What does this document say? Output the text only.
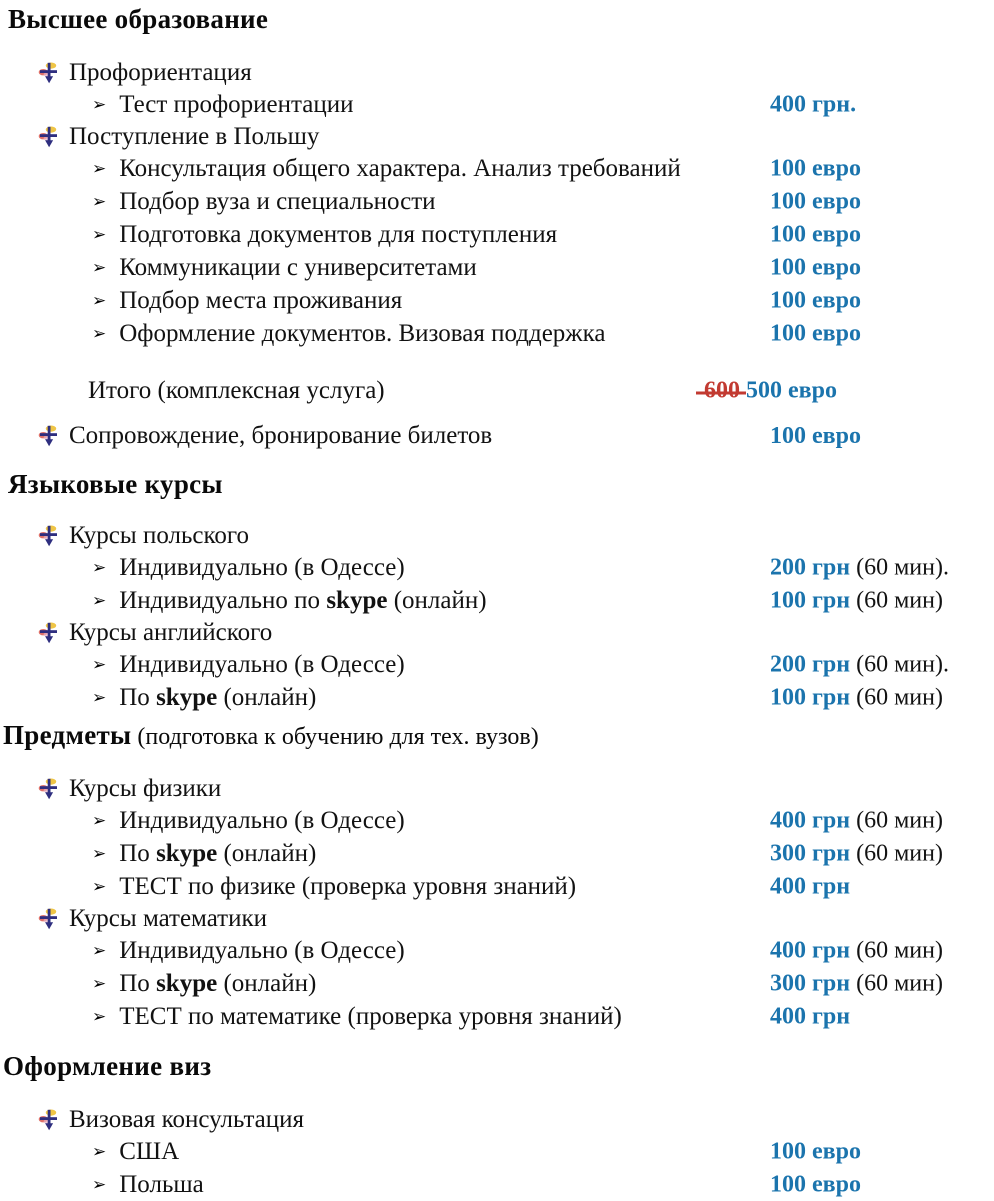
Высшее образование
Профориентация
➢ Тест профориентации	400 грн.
Поступление в Польшу
➢ Консультация общего характера. Анализ требований	100 евро
➢ Подбор вуза и специальности	100 евро
➢ Подготовка документов для поступления	100 евро
➢ Коммуникации с университетами	100 евро
➢ Подбор места проживания	100 евро
➢ Оформление документов. Визовая поддержка	100 евро
Итого (комплексная услуга)	600 500 евро
Сопровождение, бронирование билетов	100 евро
Языковые курсы
Курсы польского
➢ Индивидуально (в Одессе)	200 грн (60 мин).
➢ Индивидуально по skype (онлайн)	100 грн (60 мин)
Курсы английского
➢ Индивидуально (в Одессе)	200 грн (60 мин).
➢ По skype (онлайн)	100 грн (60 мин)
Предметы (подготовка к обучению для тех. вузов)
Курсы физики
➢ Индивидуально (в Одессе)	400 грн (60 мин)
➢ По skype (онлайн)	300 грн (60 мин)
➢ ТЕСТ по физике (проверка уровня знаний)	400 грн
Курсы математики
➢ Индивидуально (в Одессе)	400 грн (60 мин)
➢ По skype (онлайн)	300 грн (60 мин)
➢ ТЕСТ по математике (проверка уровня знаний)	400 грн
Оформление виз
Визовая консультация
➢ США	100 евро
➢ Польша	100 евро
